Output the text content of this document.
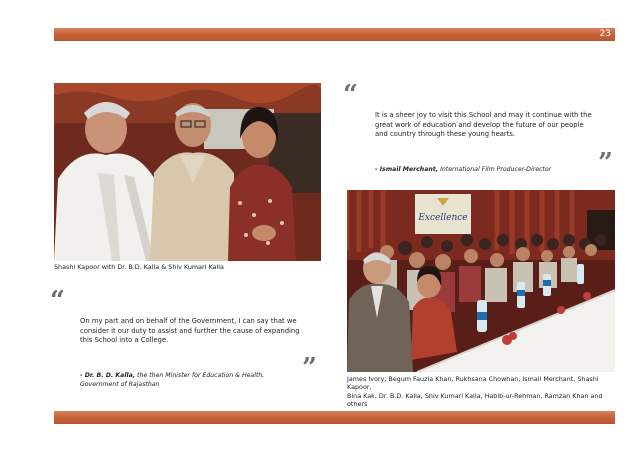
23
Shashi Kapoor with Dr. B.D. Kalla & Shiv Kumari Kalla
“
It is a sheer joy to visit this School and may it continue with the
great work of education and develop the future of our people
and country through these young hearts.
”
- Ismail Merchant, International Film Producer-Director
Excellence
James Ivory, Begum Fauzia Khan, Rukhsana Chowhan, Ismail Merchant, Shashi Kapoor,
Bina Kak, Dr. B.D. Kalla, Shiv Kumari Kalla, Habib-ur-Rehman, Ramzan Khan and others
“
On my part and on behalf of the Government, I can say that we
consider it our duty to assist and further the cause of expanding
this School into a College.
”
- Dr. B. D. Kalla, the then Minister for Education & Health,
Government of Rajasthan
